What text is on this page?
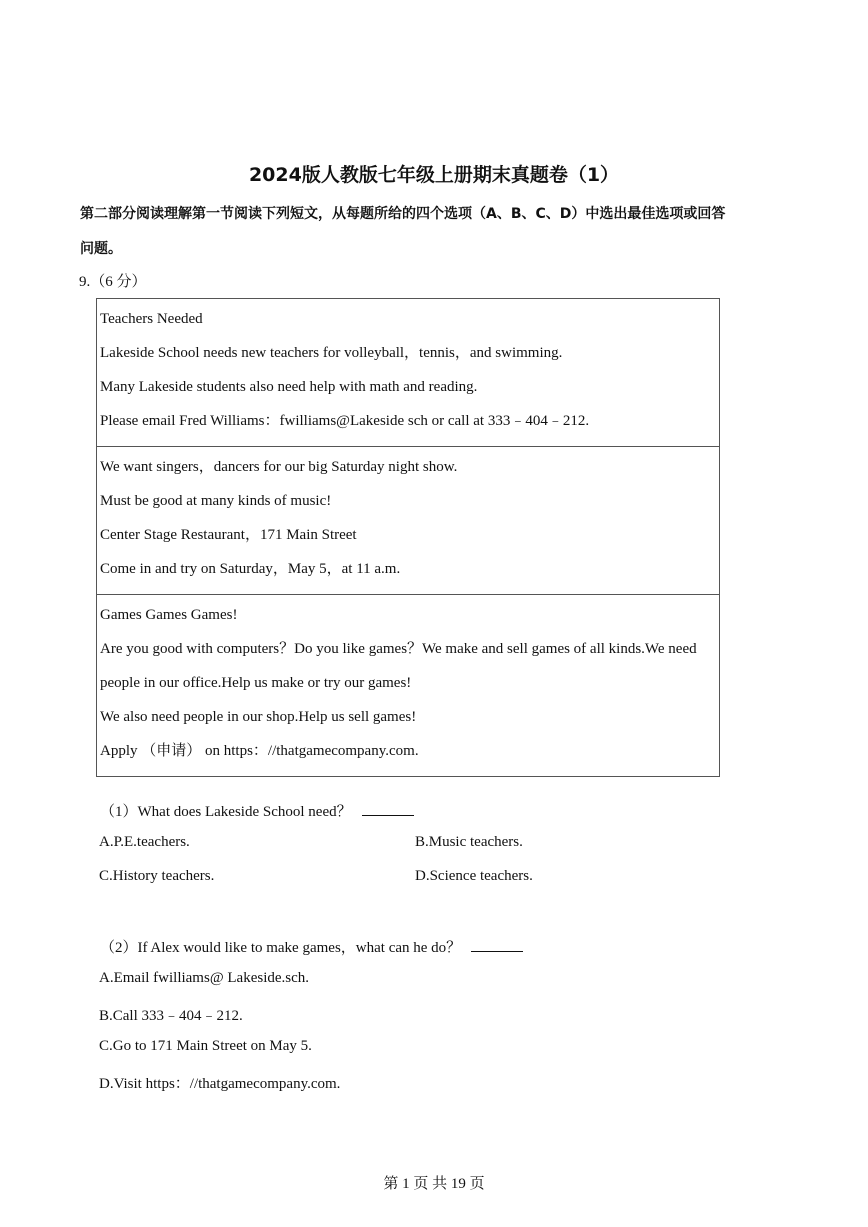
2024版人教版七年级上册期末真题卷（1）
第二部分阅读理解第一节阅读下列短文，从每题所给的四个选项（A、B、C、D）中选出最佳选项或回答
问题。
9.（6 分）
Teachers Needed
Lakeside School needs new teachers for volleyball，tennis，and swimming.
Many Lakeside students also need help with math and reading.
Please email Fred Williams：fwilliams@Lakeside sch or call at 333﹣404﹣212.
We want singers，dancers for our big Saturday night show.
Must be good at many kinds of music!
Center Stage Restaurant，171 Main Street
Come in and try on Saturday，May 5，at 11 a.m.
Games Games Games!
Are you good with computers？Do you like games？We make and sell games of all kinds.We need
people in our office.Help us make or try our games!
We also need people in our shop.Help us sell games!
Apply （申请） on https：//thatgamecompany.com.
（1）What does Lakeside School need？
A.P.E.teachers.	B.Music teachers.
C.History teachers.	D.Science teachers.
（2）If Alex would like to make games，what can he do？
A.Email fwilliams@ Lakeside.sch.
B.Call 333﹣404﹣212.
C.Go to 171 Main Street on May 5.
D.Visit https：//thatgamecompany.com.
第 1 页 共 19 页
